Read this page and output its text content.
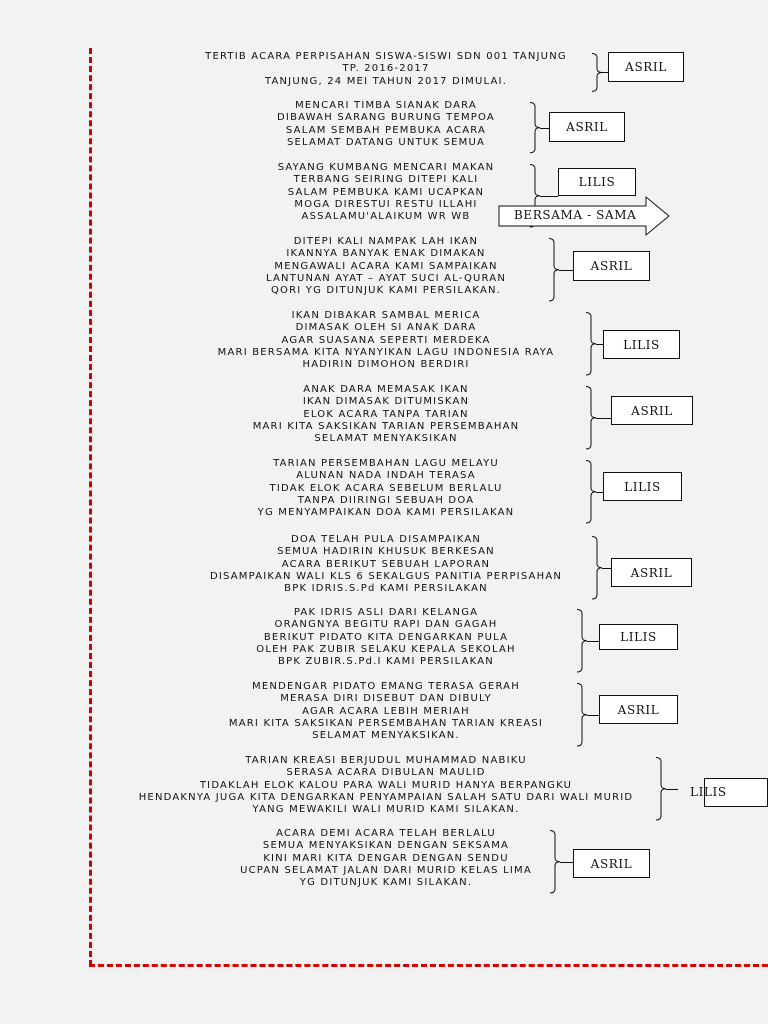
TERTIB ACARA PERPISAHAN SISWA-SISWI SDN 001 TANJUNG
TP. 2016-2017
TANJUNG, 24 MEI TAHUN 2017 DIMULAI.
ASRIL
MENCARI TIMBA SIANAK DARA
DIBAWAH SARANG BURUNG TEMPOA
SALAM SEMBAH PEMBUKA ACARA
SELAMAT DATANG UNTUK SEMUA
ASRIL
SAYANG KUMBANG MENCARI MAKAN
TERBANG SEIRING DITEPI KALI
SALAM PEMBUKA KAMI UCAPKAN
MOGA DIRESTUI RESTU ILLAHI
ASSALAMU'ALAIKUM WR WB
LILIS
BERSAMA - SAMA
DITEPI KALI NAMPAK LAH IKAN
IKANNYA BANYAK ENAK DIMAKAN
MENGAWALI ACARA KAMI SAMPAIKAN
LANTUNAN AYAT – AYAT SUCI AL-QURAN
QORI YG DITUNJUK KAMI PERSILAKAN.
ASRIL
IKAN DIBAKAR SAMBAL MERICA
DIMASAK OLEH SI ANAK DARA
AGAR SUASANA SEPERTI MERDEKA
MARI BERSAMA KITA NYANYIKAN LAGU INDONESIA RAYA
HADIRIN DIMOHON BERDIRI
LILIS
ANAK DARA MEMASAK IKAN
IKAN DIMASAK DITUMISKAN
ELOK ACARA TANPA TARIAN
MARI KITA SAKSIKAN TARIAN PERSEMBAHAN
SELAMAT MENYAKSIKAN
ASRIL
TARIAN PERSEMBAHAN LAGU MELAYU
ALUNAN NADA INDAH TERASA
TIDAK ELOK ACARA SEBELUM BERLALU
TANPA DIIRINGI SEBUAH DOA
YG MENYAMPAIKAN DOA KAMI PERSILAKAN
LILIS
DOA TELAH PULA DISAMPAIKAN
SEMUA HADIRIN KHUSUK BERKESAN
ACARA BERIKUT SEBUAH LAPORAN
DISAMPAIKAN WALI KLS 6 SEKALGUS PANITIA PERPISAHAN
BPK IDRIS.S.Pd KAMI PERSILAKAN
ASRIL
PAK IDRIS ASLI DARI KELANGA
ORANGNYA BEGITU RAPI DAN GAGAH
BERIKUT PIDATO KITA DENGARKAN PULA
OLEH PAK ZUBIR SELAKU KEPALA SEKOLAH
BPK ZUBIR.S.Pd.I KAMI PERSILAKAN
LILIS
MENDENGAR PIDATO EMANG TERASA GERAH
MERASA DIRI DISEBUT DAN DIBULY
AGAR ACARA LEBIH MERIAH
MARI KITA SAKSIKAN PERSEMBAHAN TARIAN KREASI
SELAMAT MENYAKSIKAN.
ASRIL
TARIAN KREASI BERJUDUL MUHAMMAD NABIKU
SERASA ACARA DIBULAN MAULID
TIDAKLAH ELOK KALOU PARA WALI MURID HANYA BERPANGKU
HENDAKNYA JUGA KITA DENGARKAN PENYAMPAIAN SALAH SATU DARI WALI MURID
YANG MEWAKILI WALI MURID KAMI SILAKAN.
LILIS
ACARA DEMI ACARA TELAH BERLALU
SEMUA MENYAKSIKAN DENGAN SEKSAMA
KINI MARI KITA DENGAR DENGAN SENDU
UCPAN SELAMAT JALAN DARI MURID KELAS LIMA
YG DITUNJUK KAMI SILAKAN.
ASRIL
